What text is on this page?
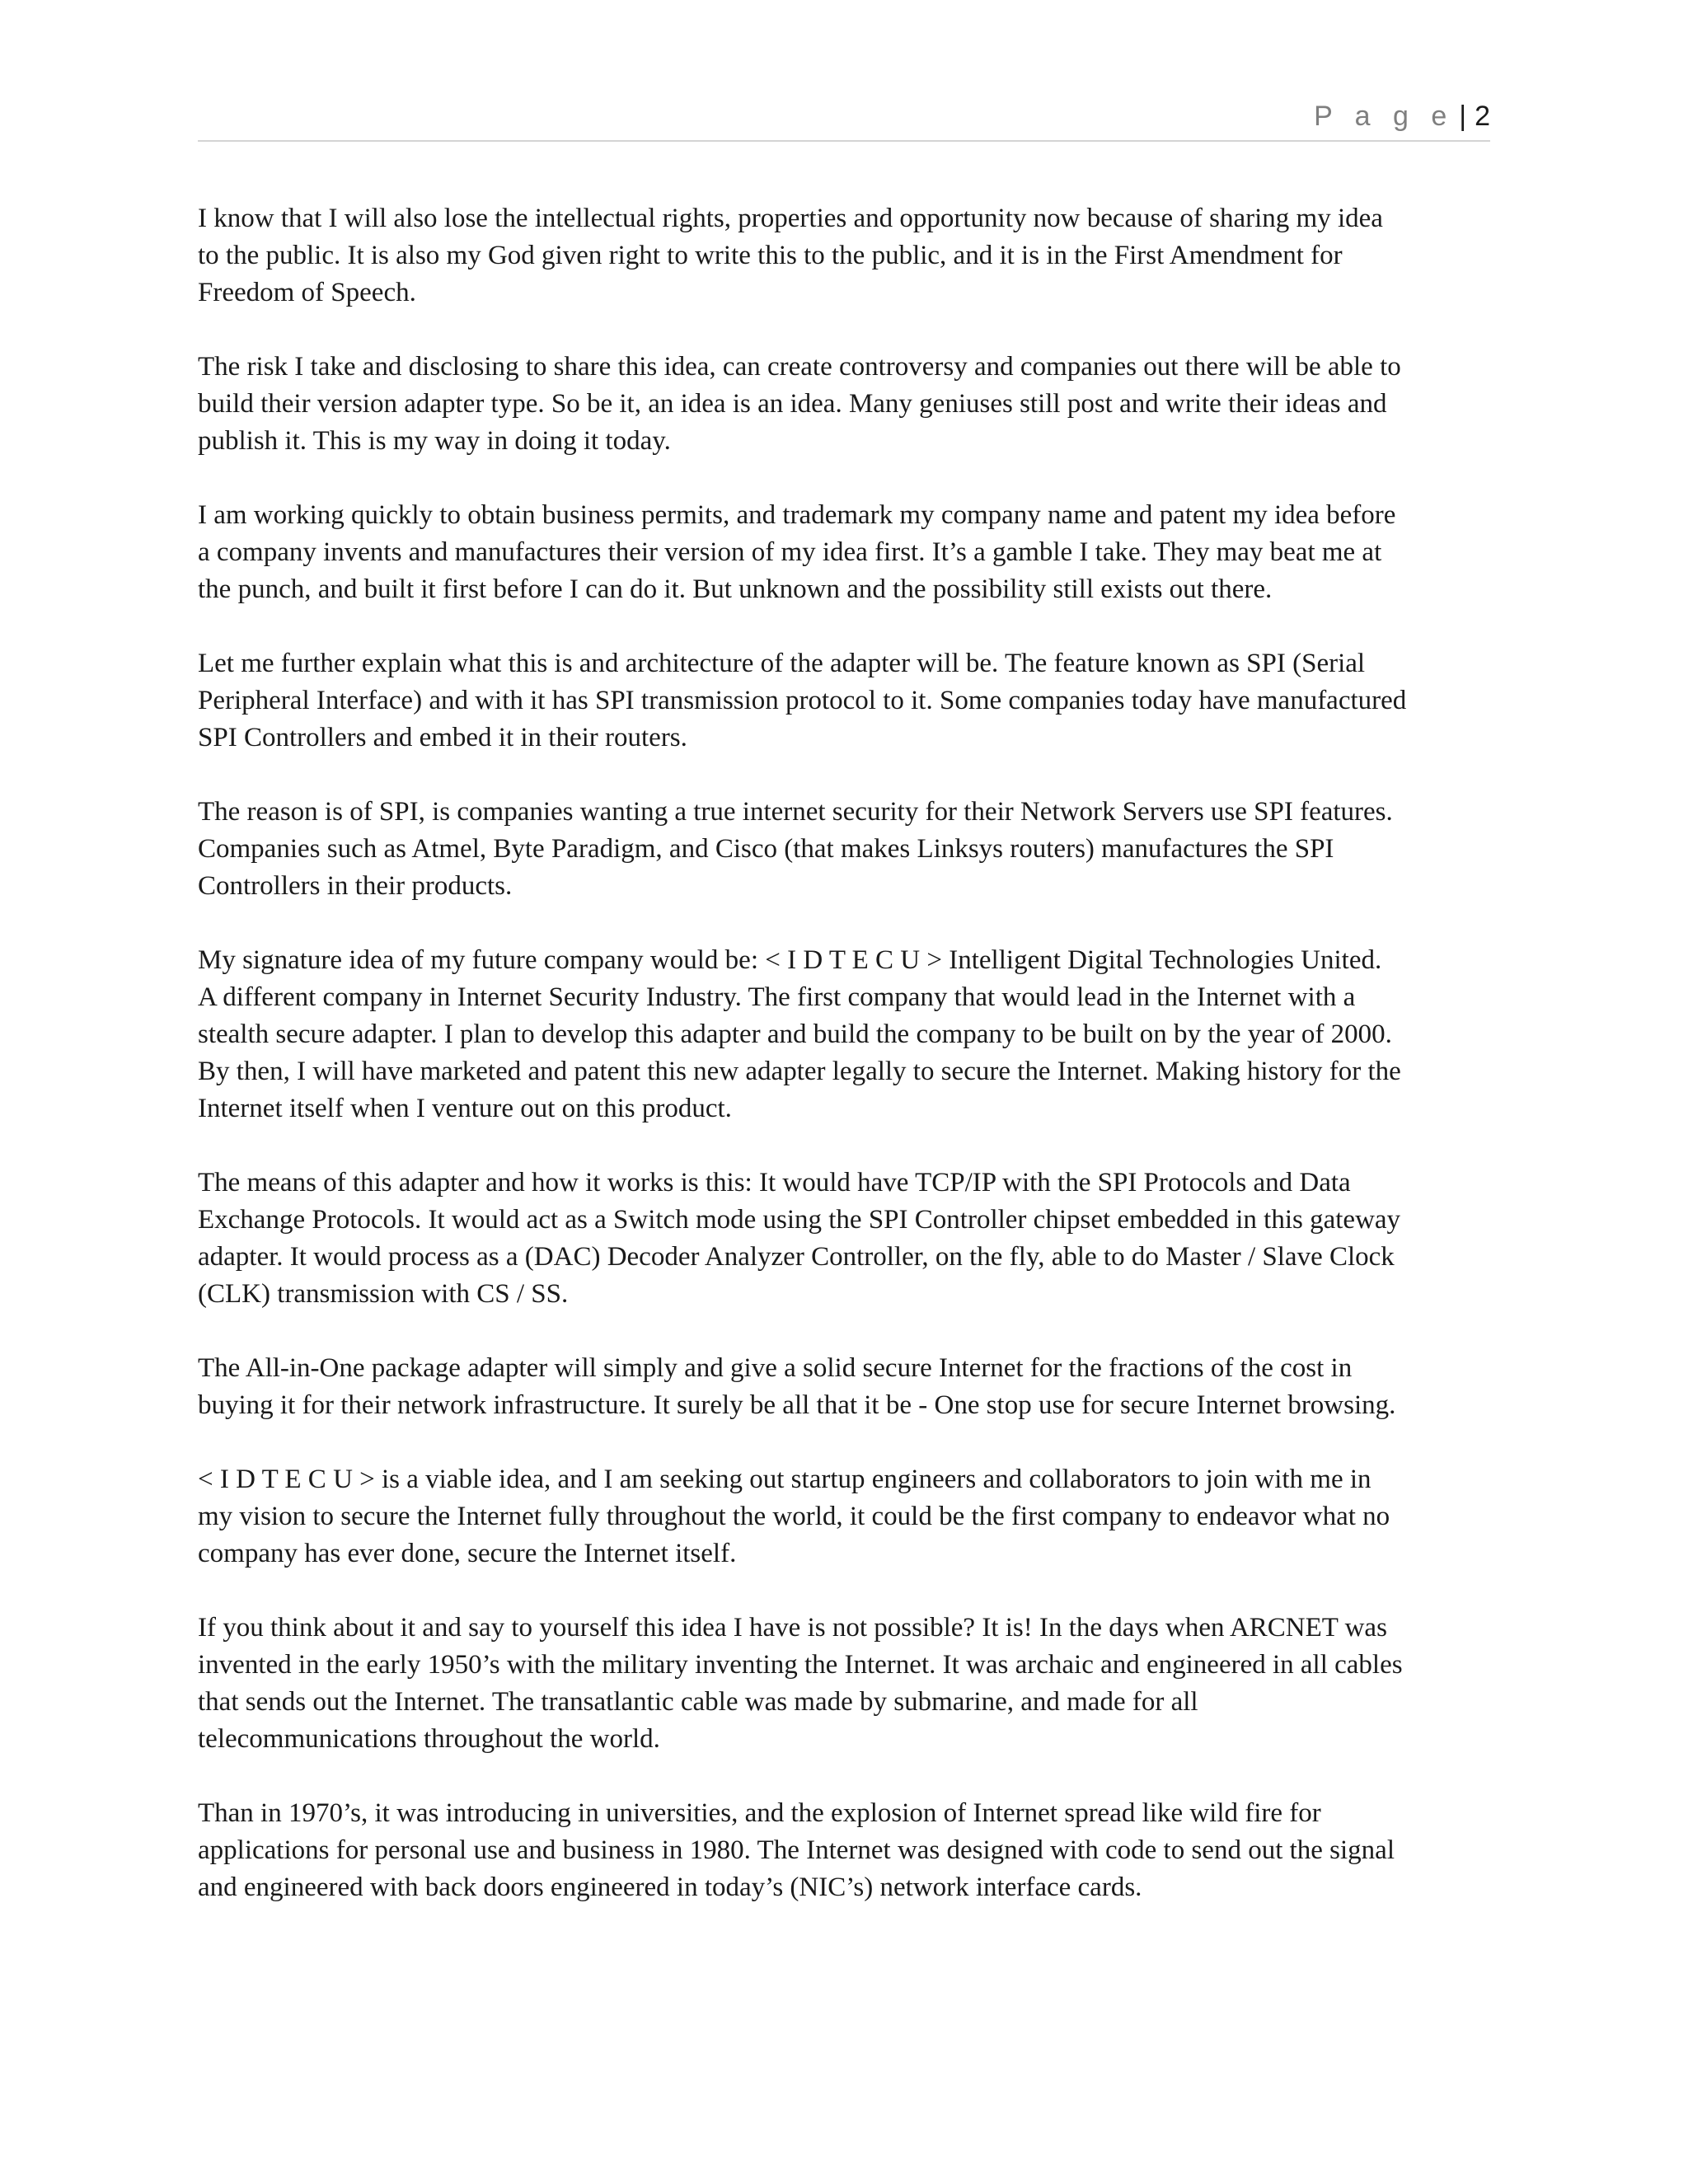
P a g e | 2

I know that I will also lose the intellectual rights, properties and opportunity now because of sharing my idea
to the public. It is also my God given right to write this to the public, and it is in the First Amendment for
Freedom of Speech.

The risk I take and disclosing to share this idea, can create controversy and companies out there will be able to
build their version adapter type. So be it, an idea is an idea. Many geniuses still post and write their ideas and
publish it. This is my way in doing it today.

I am working quickly to obtain business permits, and trademark my company name and patent my idea before
a company invents and manufactures their version of my idea first. It’s a gamble I take. They may beat me at
the punch, and built it first before I can do it. But unknown and the possibility still exists out there.

Let me further explain what this is and architecture of the adapter will be. The feature known as SPI (Serial
Peripheral Interface) and with it has SPI transmission protocol to it. Some companies today have manufactured
SPI Controllers and embed it in their routers.

The reason is of SPI, is companies wanting a true internet security for their Network Servers use SPI features.
Companies such as Atmel, Byte Paradigm, and Cisco (that makes Linksys routers) manufactures the SPI
Controllers in their products.

My signature idea of my future company would be: < I D T E C U > Intelligent Digital Technologies United.
A different company in Internet Security Industry. The first company that would lead in the Internet with a
stealth secure adapter. I plan to develop this adapter and build the company to be built on by the year of 2000.
By then, I will have marketed and patent this new adapter legally to secure the Internet. Making history for the
Internet itself when I venture out on this product.

The means of this adapter and how it works is this: It would have TCP/IP with the SPI Protocols and Data
Exchange Protocols. It would act as a Switch mode using the SPI Controller chipset embedded in this gateway
adapter. It would process as a (DAC) Decoder Analyzer Controller, on the fly, able to do Master / Slave Clock
(CLK) transmission with CS / SS.

The All-in-One package adapter will simply and give a solid secure Internet for the fractions of the cost in
buying it for their network infrastructure. It surely be all that it be - One stop use for secure Internet browsing.

< I D T E C U > is a viable idea, and I am seeking out startup engineers and collaborators to join with me in
my vision to secure the Internet fully throughout the world, it could be the first company to endeavor what no
company has ever done, secure the Internet itself.

If you think about it and say to yourself this idea I have is not possible? It is! In the days when ARCNET was
invented in the early 1950’s with the military inventing the Internet. It was archaic and engineered in all cables
that sends out the Internet. The transatlantic cable was made by submarine, and made for all
telecommunications throughout the world.

Than in 1970’s, it was introducing in universities, and the explosion of Internet spread like wild fire for
applications for personal use and business in 1980. The Internet was designed with code to send out the signal
and engineered with back doors engineered in today’s (NIC’s) network interface cards.
